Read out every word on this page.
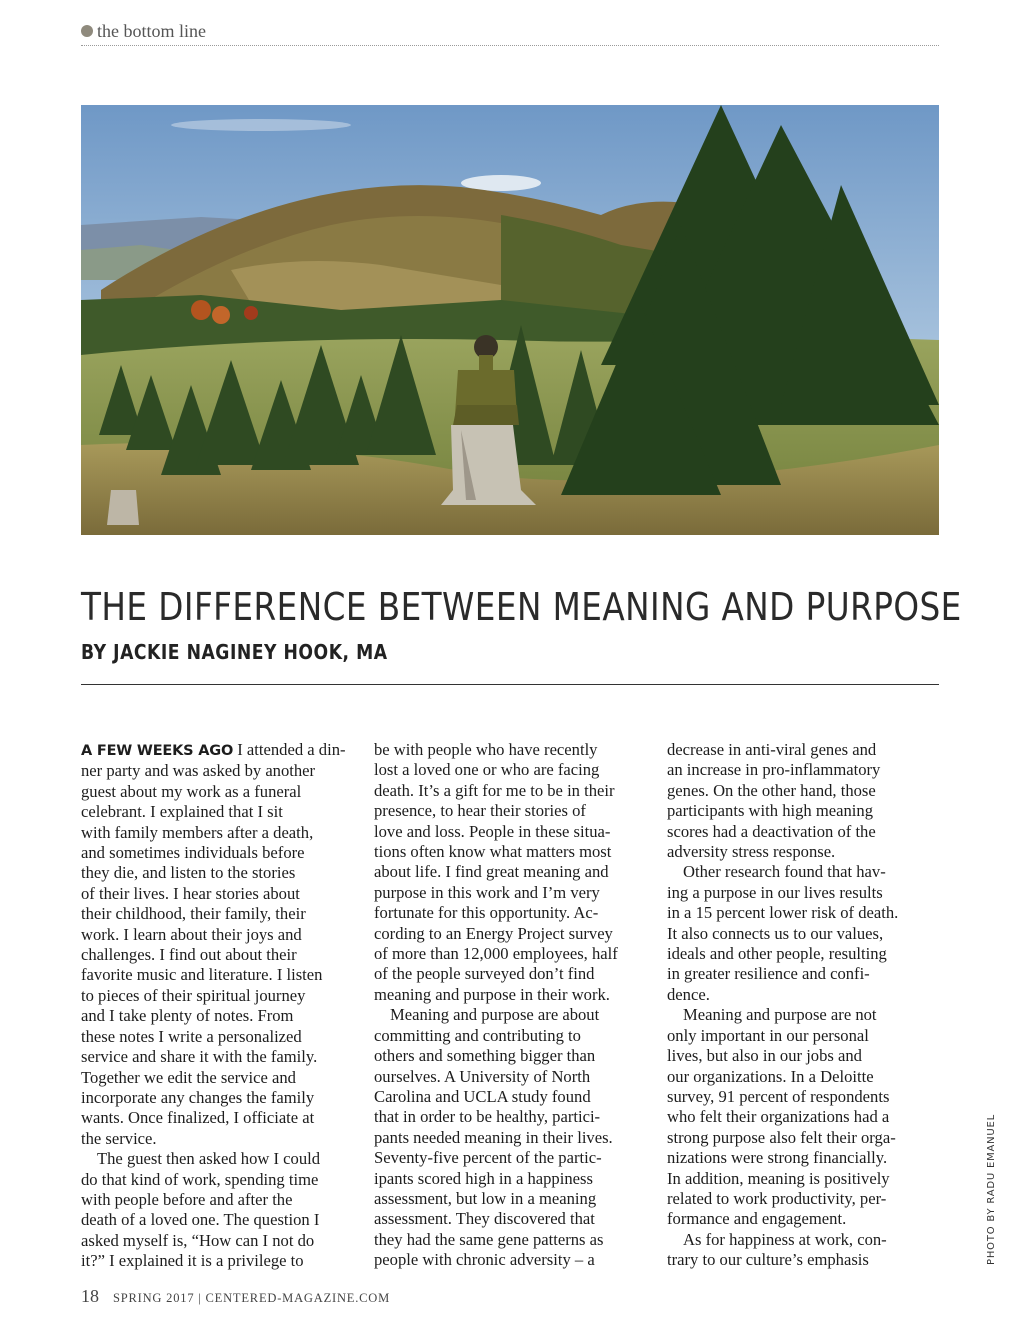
the bottom line
THE DIFFERENCE BETWEEN MEANING AND PURPOSE
BY JACKIE NAGINEY HOOK, MA
A FEW WEEKS AGO I attended a din-
ner party and was asked by another
guest about my work as a funeral
celebrant. I explained that I sit
with family members after a death,
and sometimes individuals before
they die, and listen to the stories
of their lives. I hear stories about
their childhood, their family, their
work. I learn about their joys and
challenges. I find out about their
favorite music and literature. I listen
to pieces of their spiritual journey
and I take plenty of notes. From
these notes I write a personalized
service and share it with the family.
Together we edit the service and
incorporate any changes the family
wants. Once finalized, I officiate at
the service.
The guest then asked how I could
do that kind of work, spending time
with people before and after the
death of a loved one. The question I
asked myself is, “How can I not do
it?” I explained it is a privilege to
be with people who have recently
lost a loved one or who are facing
death. It’s a gift for me to be in their
presence, to hear their stories of
love and loss. People in these situa-
tions often know what matters most
about life. I find great meaning and
purpose in this work and I’m very
fortunate for this opportunity. Ac-
cording to an Energy Project survey
of more than 12,000 employees, half
of the people surveyed don’t find
meaning and purpose in their work.
Meaning and purpose are about
committing and contributing to
others and something bigger than
ourselves. A University of North
Carolina and UCLA study found
that in order to be healthy, partici-
pants needed meaning in their lives.
Seventy-five percent of the partic-
ipants scored high in a happiness
assessment, but low in a meaning
assessment. They discovered that
they had the same gene patterns as
people with chronic adversity – a
decrease in anti-viral genes and
an increase in pro-inflammatory
genes. On the other hand, those
participants with high meaning
scores had a deactivation of the
adversity stress response.
Other research found that hav-
ing a purpose in our lives results
in a 15 percent lower risk of death.
It also connects us to our values,
ideals and other people, resulting
in greater resilience and confi-
dence.
Meaning and purpose are not
only important in our personal
lives, but also in our jobs and
our organizations. In a Deloitte
survey, 91 percent of respondents
who felt their organizations had a
strong purpose also felt their orga-
nizations were strong financially.
In addition, meaning is positively
related to work productivity, per-
formance and engagement.
As for happiness at work, con-
trary to our culture’s emphasis	PHOTO BY RADU EMANUEL
18 SPRING 2017 | CENTERED-MAGAZINE.COM
